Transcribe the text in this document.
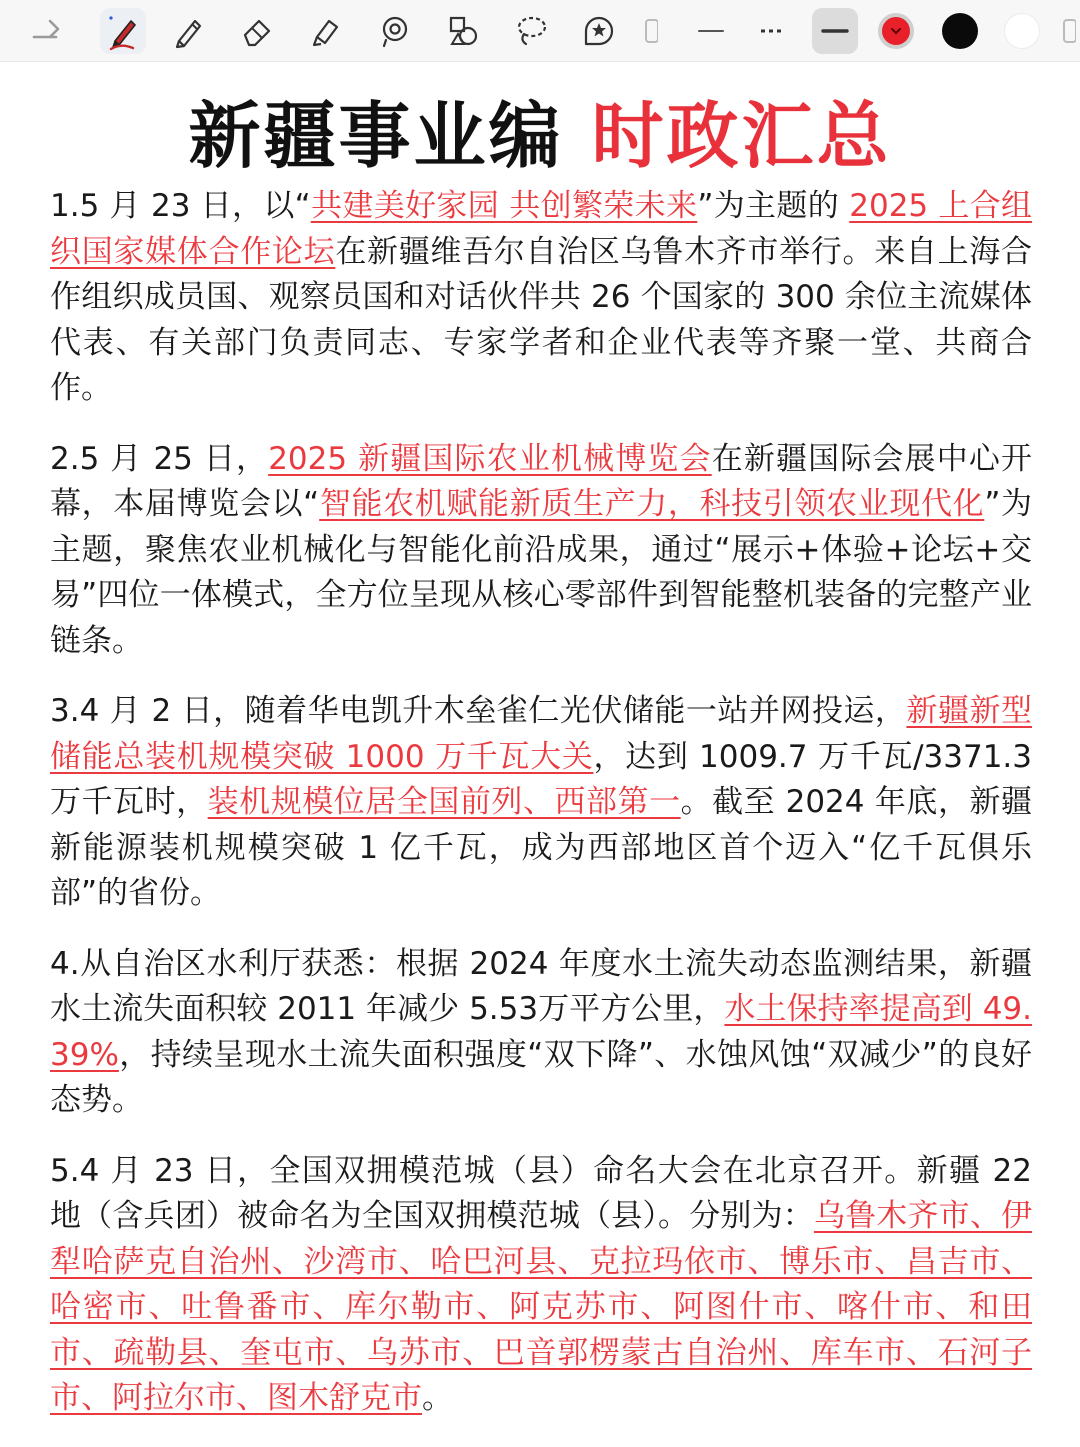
新疆事业编 时政汇总

1.5 月 23 日，以“共建美好家园 共创繁荣未来”为主题的 2025 上合组织国家媒体合作论坛在新疆维吾尔自治区乌鲁木齐市举行。来自上海合作组织成员国、观察员国和对话伙伴共 26 个国家的 300 余位主流媒体代表、有关部门负责同志、专家学者和企业代表等齐聚一堂、共商合作。

2.5 月 25 日，2025 新疆国际农业机械博览会在新疆国际会展中心开幕，本届博览会以“智能农机赋能新质生产力，科技引领农业现代化”为主题，聚焦农业机械化与智能化前沿成果，通过“展示+体验+论坛+交易”四位一体模式，全方位呈现从核心零部件到智能整机装备的完整产业链条。

3.4 月 2 日，随着华电凯升木垒雀仁光伏储能一站并网投运，新疆新型储能总装机规模突破 1000 万千瓦大关，达到 1009.7 万千瓦/3371.3 万千瓦时，装机规模位居全国前列、西部第一。截至 2024 年底，新疆新能源装机规模突破 1 亿千瓦，成为西部地区首个迈入“亿千瓦俱乐部”的省份。

4.从自治区水利厅获悉：根据 2024 年度水土流失动态监测结果，新疆水土流失面积较 2011 年减少 5.53万平方公里，水土保持率提高到 49.39%，持续呈现水土流失面积强度“双下降”、水蚀风蚀“双减少”的良好态势。

5.4 月 23 日，全国双拥模范城（县）命名大会在北京召开。新疆 22 地（含兵团）被命名为全国双拥模范城（县）。分别为：乌鲁木齐市、伊犁哈萨克自治州、沙湾市、哈巴河县、克拉玛依市、博乐市、昌吉市、哈密市、吐鲁番市、库尔勒市、阿克苏市、阿图什市、喀什市、和田市、疏勒县、奎屯市、乌苏市、巴音郭楞蒙古自治州、库车市、石河子市、阿拉尔市、图木舒克市。
